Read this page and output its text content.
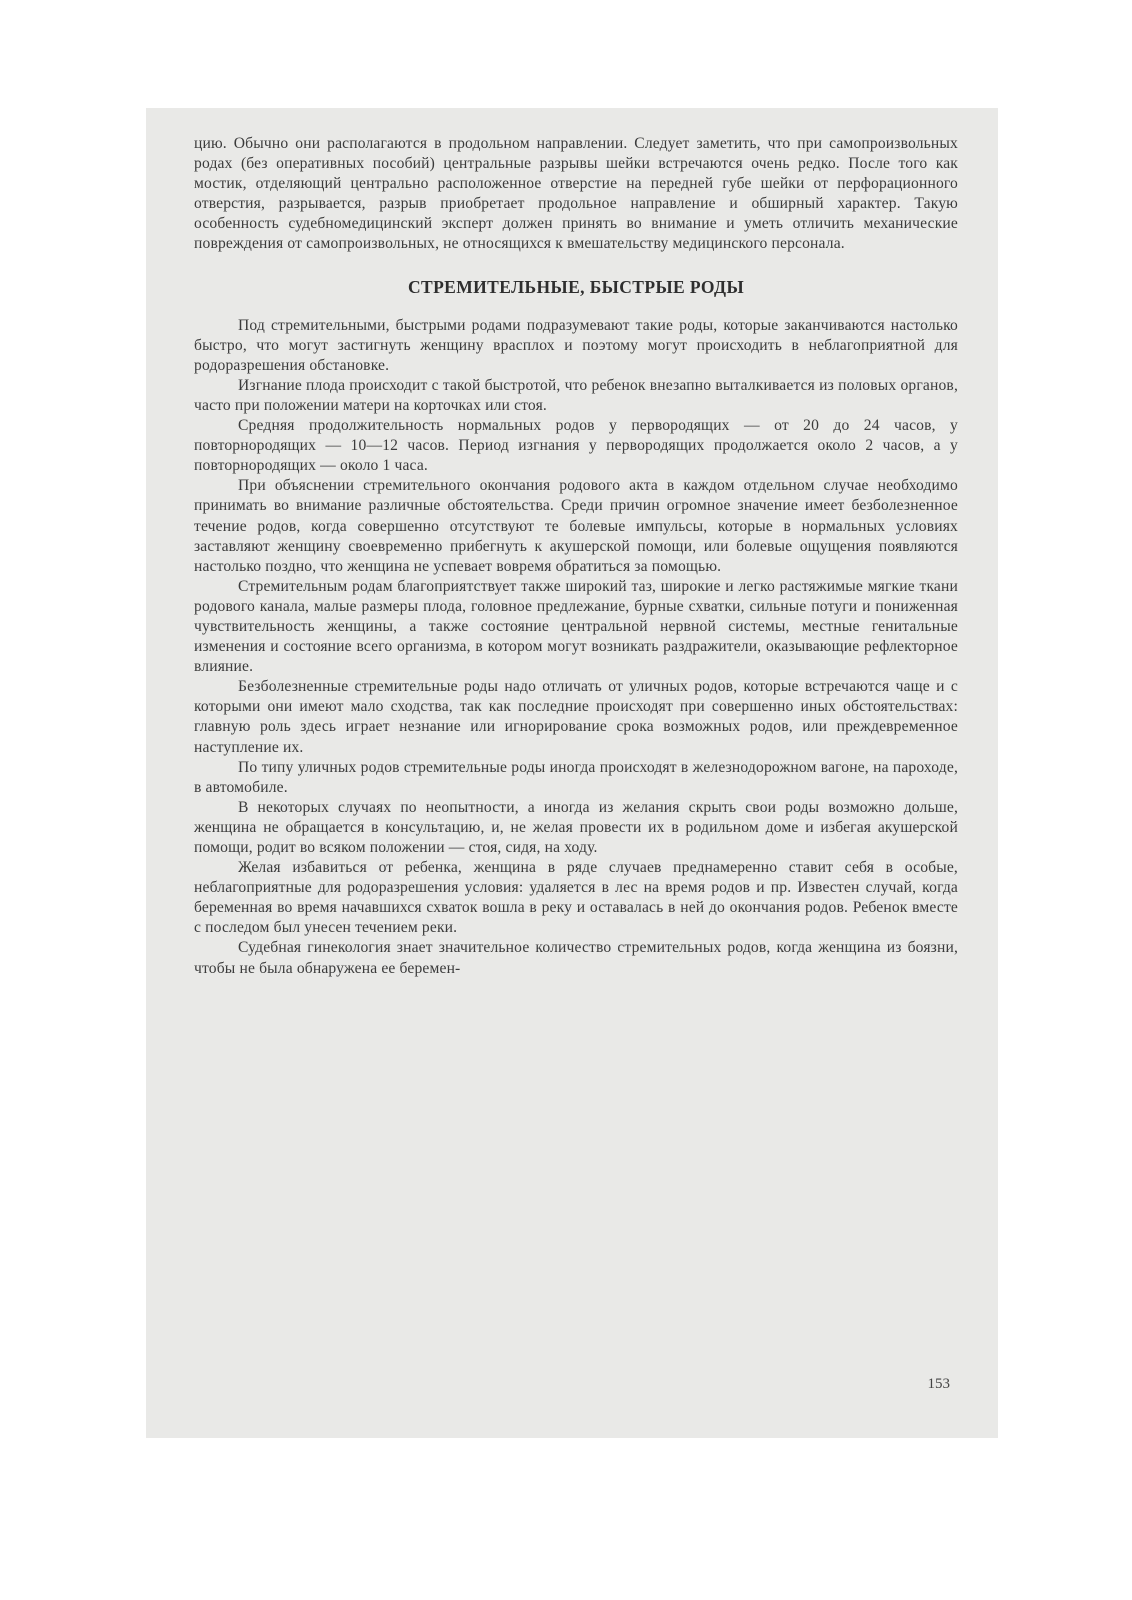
цию. Обычно они располагаются в продольном направлении. Следует заметить, что при самопроизвольных родах (без оперативных пособий) центральные разрывы шейки встречаются очень редко. После того как мостик, отделяющий центрально расположенное отверстие на передней губе шейки от перфорационного отверстия, разрывается, разрыв приобретает продольное направление и обширный характер. Такую особенность судебномедицинский эксперт должен принять во внимание и уметь отличить механические повреждения от самопроизвольных, не относящихся к вмешательству медицинского персонала.

СТРЕМИТЕЛЬНЫЕ, БЫСТРЫЕ РОДЫ

Под стремительными, быстрыми родами подразумевают такие роды, которые заканчиваются настолько быстро, что могут застигнуть женщину врасплох и поэтому могут происходить в неблагоприятной для родоразрешения обстановке.

Изгнание плода происходит с такой быстротой, что ребенок внезапно выталкивается из половых органов, часто при положении матери на корточках или стоя.

Средняя продолжительность нормальных родов у первородящих — от 20 до 24 часов, у повторнородящих — 10—12 часов. Период изгнания у первородящих продолжается около 2 часов, а у повторнородящих — около 1 часа.

При объяснении стремительного окончания родового акта в каждом отдельном случае необходимо принимать во внимание различные обстоятельства. Среди причин огромное значение имеет безболезненное течение родов, когда совершенно отсутствуют те болевые импульсы, которые в нормальных условиях заставляют женщину своевременно прибегнуть к акушерской помощи, или болевые ощущения появляются настолько поздно, что женщина не успевает вовремя обратиться за помощью.

Стремительным родам благоприятствует также широкий таз, широкие и легко растяжимые мягкие ткани родового канала, малые размеры плода, головное предлежание, бурные схватки, сильные потуги и пониженная чувствительность женщины, а также состояние центральной нервной системы, местные генитальные изменения и состояние всего организма, в котором могут возникать раздражители, оказывающие рефлекторное влияние.

Безболезненные стремительные роды надо отличать от уличных родов, которые встречаются чаще и с которыми они имеют мало сходства, так как последние происходят при совершенно иных обстоятельствах: главную роль здесь играет незнание или игнорирование срока возможных родов, или преждевременное наступление их.

По типу уличных родов стремительные роды иногда происходят в железнодорожном вагоне, на пароходе, в автомобиле.

В некоторых случаях по неопытности, а иногда из желания скрыть свои роды возможно дольше, женщина не обращается в консультацию, и, не желая провести их в родильном доме и избегая акушерской помощи, родит во всяком положении — стоя, сидя, на ходу.

Желая избавиться от ребенка, женщина в ряде случаев преднамеренно ставит себя в особые, неблагоприятные для родоразрешения условия: удаляется в лес на время родов и пр. Известен случай, когда беременная во время начавшихся схваток вошла в реку и оставалась в ней до окончания родов. Ребенок вместе с последом был унесен течением реки.

Судебная гинекология знает значительное количество стремительных родов, когда женщина из боязни, чтобы не была обнаружена ее беремен-

153
